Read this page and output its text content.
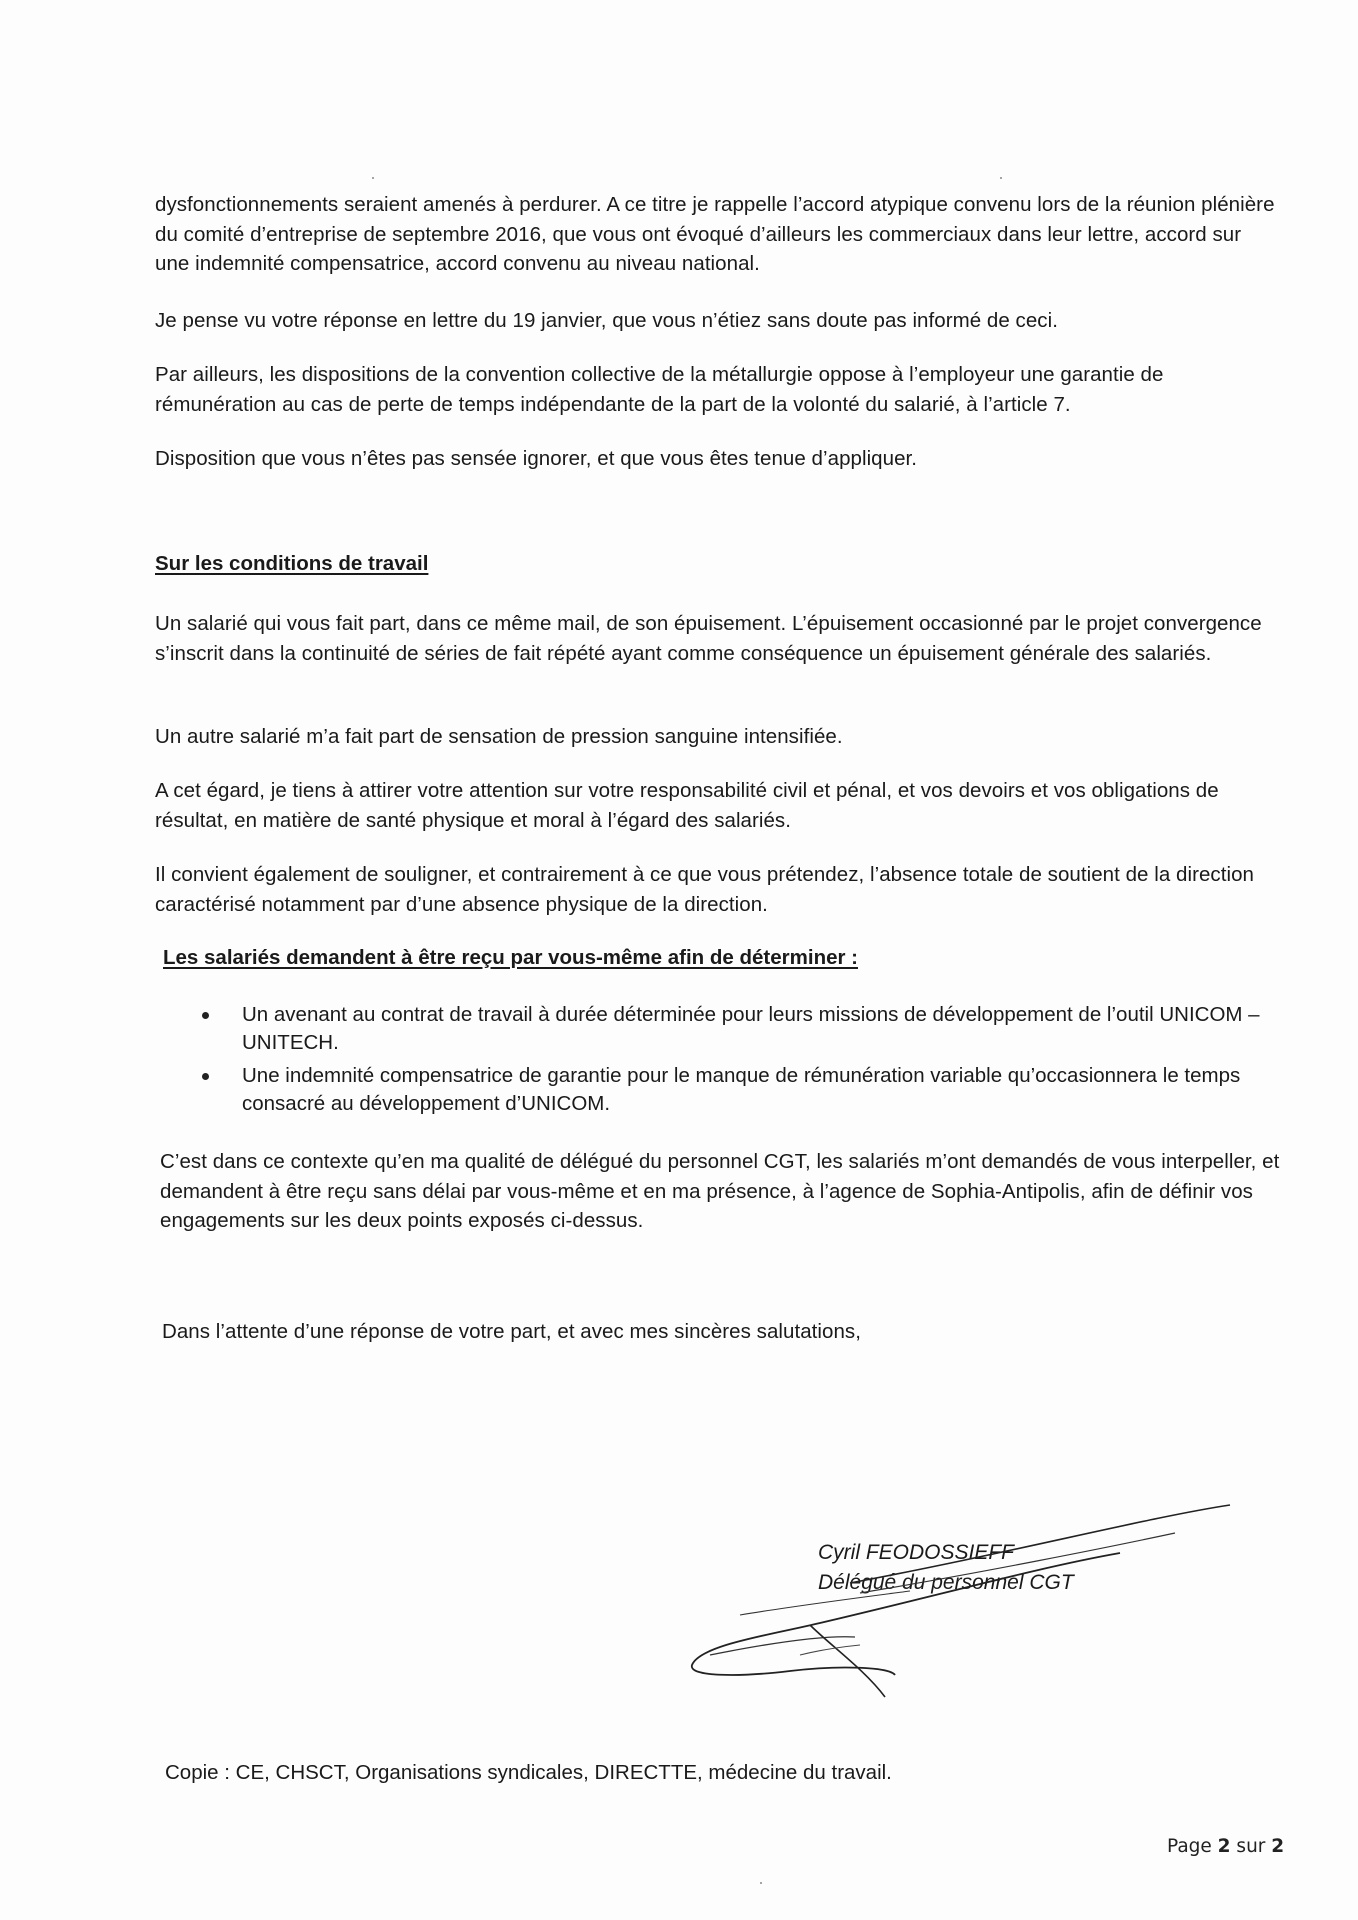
dysfonctionnements seraient amenés à perdurer. A ce titre je rappelle l’accord atypique convenu lors de la réunion plénière du comité d’entreprise de septembre 2016, que vous ont évoqué d’ailleurs les commerciaux dans leur lettre, accord sur une indemnité compensatrice, accord convenu au niveau national.

Je pense vu votre réponse en lettre du 19 janvier, que vous n’étiez sans doute pas informé de ceci.

Par ailleurs, les dispositions de la convention collective de la métallurgie oppose à l’employeur une garantie de rémunération au cas de perte de temps indépendante de la part de la volonté du salarié, à l’article 7.

Disposition que vous n’êtes pas sensée ignorer, et que vous êtes tenue d’appliquer.

Sur les conditions de travail

Un salarié qui vous fait part, dans ce même mail, de son épuisement. L’épuisement occasionné par le projet convergence s’inscrit dans la continuité de séries de fait répété ayant comme conséquence un épuisement générale des salariés.

Un autre salarié m’a fait part de sensation de pression sanguine intensifiée.

A cet égard, je tiens à attirer votre attention sur votre responsabilité civil et pénal, et vos devoirs et vos obligations de résultat, en matière de santé physique et moral à l’égard des salariés.

Il convient également de souligner, et contrairement à ce que vous prétendez, l’absence totale de soutient de la direction caractérisé notamment par d’une absence physique de la direction.

Les salariés demandent à être reçu par vous-même afin de déterminer :
Un avenant au contrat de travail à durée déterminée pour leurs missions de développement de l’outil UNICOM – UNITECH.
Une indemnité compensatrice de garantie pour le manque de rémunération variable qu’occasionnera le temps consacré au développement d’UNICOM.

C’est dans ce contexte qu’en ma qualité de délégué du personnel CGT, les salariés m’ont demandés de vous interpeller, et demandent à être reçu sans délai par vous-même et en ma présence, à l’agence de Sophia-Antipolis, afin de définir vos engagements sur les deux points exposés ci-dessus.

Dans l’attente d’une réponse de votre part, et avec mes sincères salutations,

Cyril FEODOSSIEFF
Délégué du personnel CGT
Copie : CE, CHSCT, Organisations syndicales, DIRECTTE, médecine du travail.
Page 2 sur 2
